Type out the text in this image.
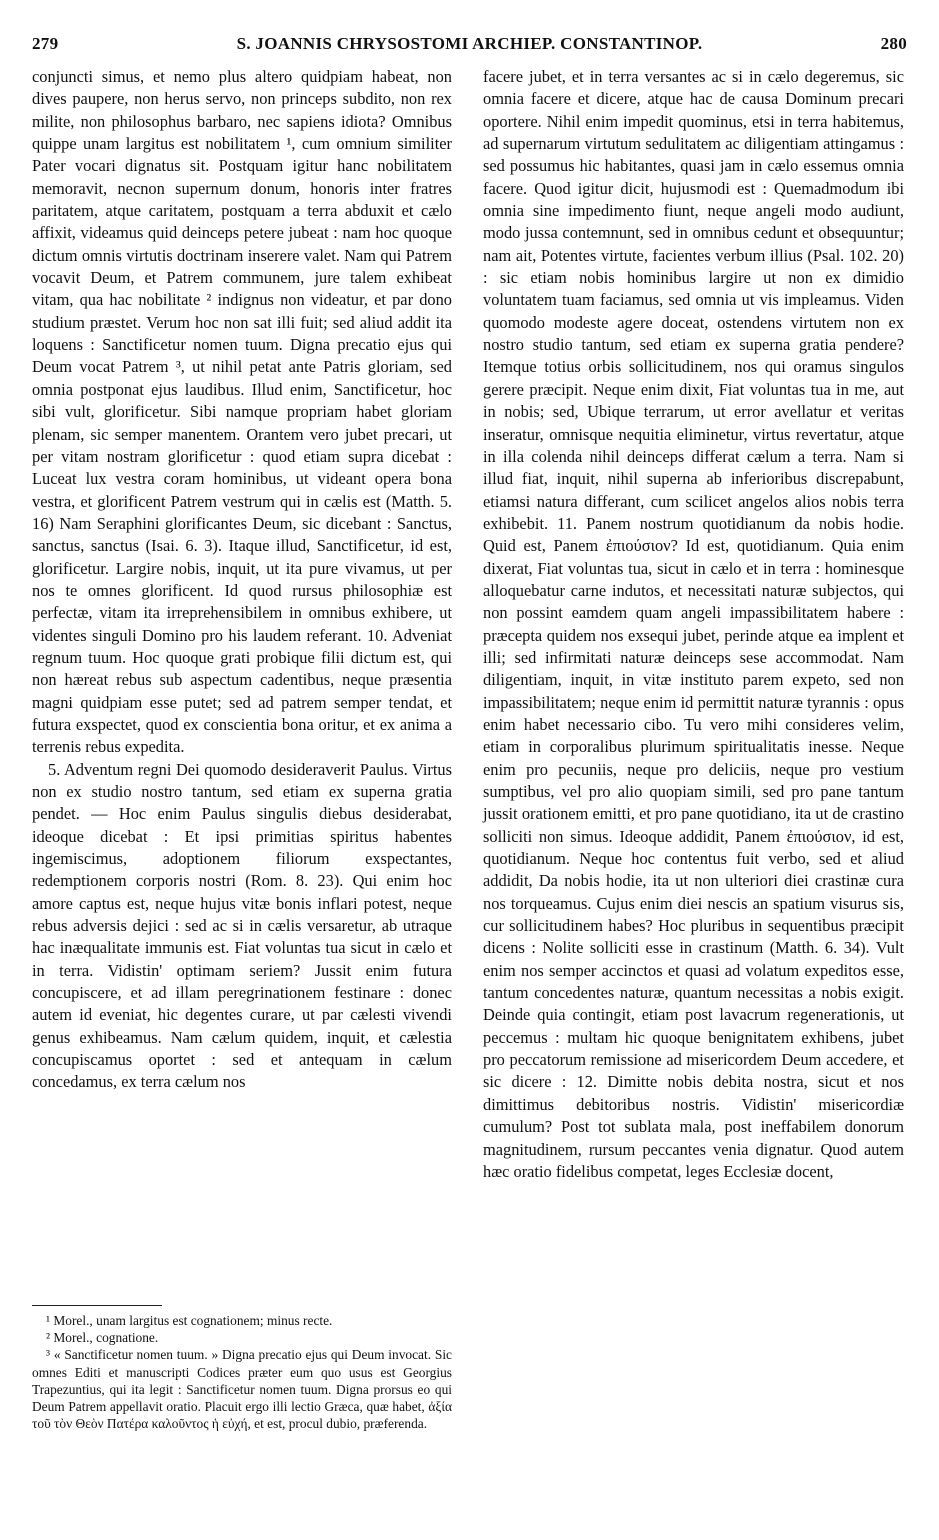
279	S. JOANNIS CHRYSOSTOMI ARCHIEP. CONSTANTINOP.	280

conjuncti simus, et nemo plus altero quidpiam habeat, non dives paupere, non herus servo, non princeps subdito, non rex milite, non philosophus barbaro, nec sapiens idiota? Omnibus quippe unam largitus est nobilitatem ¹, cum omnium similiter Pater vocari dignatus sit. Postquam igitur hanc nobilitatem memoravit, necnon supernum donum, honoris inter fratres paritatem, atque caritatem, postquam a terra abduxit et cælo affixit, videamus quid deinceps petere jubeat : nam hoc quoque dictum omnis virtutis doctrinam inserere valet. Nam qui Patrem vocavit Deum, et Patrem communem, jure talem exhibeat vitam, qua hac nobilitate ² indignus non videatur, et par dono studium præstet. Verum hoc non sat illi fuit; sed aliud addit ita loquens : Sanctificetur nomen tuum. Digna precatio ejus qui Deum vocat Patrem ³, ut nihil petat ante Patris gloriam, sed omnia postponat ejus laudibus. Illud enim, Sanctificetur, hoc sibi vult, glorificetur. Sibi namque propriam habet gloriam plenam, sic semper manentem. Orantem vero jubet precari, ut per vitam nostram glorificetur : quod etiam supra dicebat : Luceat lux vestra coram hominibus, ut videant opera bona vestra, et glorificent Patrem vestrum qui in cælis est (Matth. 5. 16) Nam Seraphini glorificantes Deum, sic dicebant : Sanctus, sanctus, sanctus (Isai. 6. 3). Itaque illud, Sanctificetur, id est, glorificetur. Largire nobis, inquit, ut ita pure vivamus, ut per nos te omnes glorificent. Id quod rursus philosophiæ est perfectæ, vitam ita irreprehensibilem in omnibus exhibere, ut videntes singuli Domino pro his laudem referant. 10. Adveniat regnum tuum. Hoc quoque grati probique filii dictum est, qui non hæreat rebus sub aspectum cadentibus, neque præsentia magni quidpiam esse putet; sed ad patrem semper tendat, et futura exspectet, quod ex conscientia bona oritur, et ex anima a terrenis rebus expedita.

5. Adventum regni Dei quomodo desideraverit Paulus. Virtus non ex studio nostro tantum, sed etiam ex superna gratia pendet. — Hoc enim Paulus singulis diebus desiderabat, ideoque dicebat : Et ipsi primitias spiritus habentes ingemiscimus, adoptionem filiorum exspectantes, redemptionem corporis nostri (Rom. 8. 23). Qui enim hoc amore captus est, neque hujus vitæ bonis inflari potest, neque rebus adversis dejici : sed ac si in cælis versaretur, ab utraque hac inæqualitate immunis est. Fiat voluntas tua sicut in cælo et in terra. Vidistin' optimam seriem? Jussit enim futura concupiscere, et ad illam peregrinationem festinare : donec autem id eveniat, hic degentes curare, ut par cælesti vivendi genus exhibeamus. Nam cælum quidem, inquit, et cælestia concupiscamus oportet : sed et antequam in cælum concedamus, ex terra cælum nos

facere jubet, et in terra versantes ac si in cælo degeremus, sic omnia facere et dicere, atque hac de causa Dominum precari oportere. Nihil enim impedit quominus, etsi in terra habitemus, ad supernarum virtutum sedulitatem ac diligentiam attingamus : sed possumus hic habitantes, quasi jam in cælo essemus omnia facere. Quod igitur dicit, hujusmodi est : Quemadmodum ibi omnia sine impedimento fiunt, neque angeli modo audiunt, modo jussa contemnunt, sed in omnibus cedunt et obsequuntur; nam ait, Potentes virtute, facientes verbum illius (Psal. 102. 20) : sic etiam nobis hominibus largire ut non ex dimidio voluntatem tuam faciamus, sed omnia ut vis impleamus. Viden quomodo modeste agere doceat, ostendens virtutem non ex nostro studio tantum, sed etiam ex superna gratia pendere? Itemque totius orbis sollicitudinem, nos qui oramus singulos gerere præcipit. Neque enim dixit, Fiat voluntas tua in me, aut in nobis; sed, Ubique terrarum, ut error avellatur et veritas inseratur, omnisque nequitia eliminetur, virtus revertatur, atque in illa colenda nihil deinceps differat cælum a terra. Nam si illud fiat, inquit, nihil superna ab inferioribus discrepabunt, etiamsi natura differant, cum scilicet angelos alios nobis terra exhibebit. 11. Panem nostrum quotidianum da nobis hodie. Quid est, Panem ἐπιούσιον? Id est, quotidianum. Quia enim dixerat, Fiat voluntas tua, sicut in cælo et in terra : hominesque alloquebatur carne indutos, et necessitati naturæ subjectos, qui non possint eamdem quam angeli impassibilitatem habere : præcepta quidem nos exsequi jubet, perinde atque ea implent et illi; sed infirmitati naturæ deinceps sese accommodat. Nam diligentiam, inquit, in vitæ instituto parem expeto, sed non impassibilitatem; neque enim id permittit naturæ tyrannis : opus enim habet necessario cibo. Tu vero mihi consideres velim, etiam in corporalibus plurimum spiritualitatis inesse. Neque enim pro pecuniis, neque pro deliciis, neque pro vestium sumptibus, vel pro alio quopiam simili, sed pro pane tantum jussit orationem emitti, et pro pane quotidiano, ita ut de crastino solliciti non simus. Ideoque addidit, Panem ἐπιούσιον, id est, quotidianum. Neque hoc contentus fuit verbo, sed et aliud addidit, Da nobis hodie, ita ut non ulteriori diei crastinæ cura nos torqueamus. Cujus enim diei nescis an spatium visurus sis, cur sollicitudinem habes? Hoc pluribus in sequentibus præcipit dicens : Nolite solliciti esse in crastinum (Matth. 6. 34). Vult enim nos semper accinctos et quasi ad volatum expeditos esse, tantum concedentes naturæ, quantum necessitas a nobis exigit. Deinde quia contingit, etiam post lavacrum regenerationis, ut peccemus : multam hic quoque benignitatem exhibens, jubet pro peccatorum remissione ad misericordem Deum accedere, et sic dicere : 12. Dimitte nobis debita nostra, sicut et nos dimittimus debitoribus nostris. Vidistin' misericordiæ cumulum? Post tot sublata mala, post ineffabilem donorum magnitudinem, rursum peccantes venia dignatur. Quod autem hæc oratio fidelibus competat, leges Ecclesiæ docent,

¹ Morel., unam largitus est cognationem; minus recte.

² Morel., cognatione.

³ « Sanctificetur nomen tuum. » Digna precatio ejus qui Deum invocat. Sic omnes Editi et manuscripti Codices præter eum quo usus est Georgius Trapezuntius, qui ita legit : Sanctificetur nomen tuum. Digna prorsus eo qui Deum Patrem appellavit oratio. Placuit ergo illi lectio Græca, quæ habet, ἀξία τοῦ τὸν Θεὸν Πατέρα καλοῦντος ἡ εὐχή, et est, procul dubio, præferenda.
